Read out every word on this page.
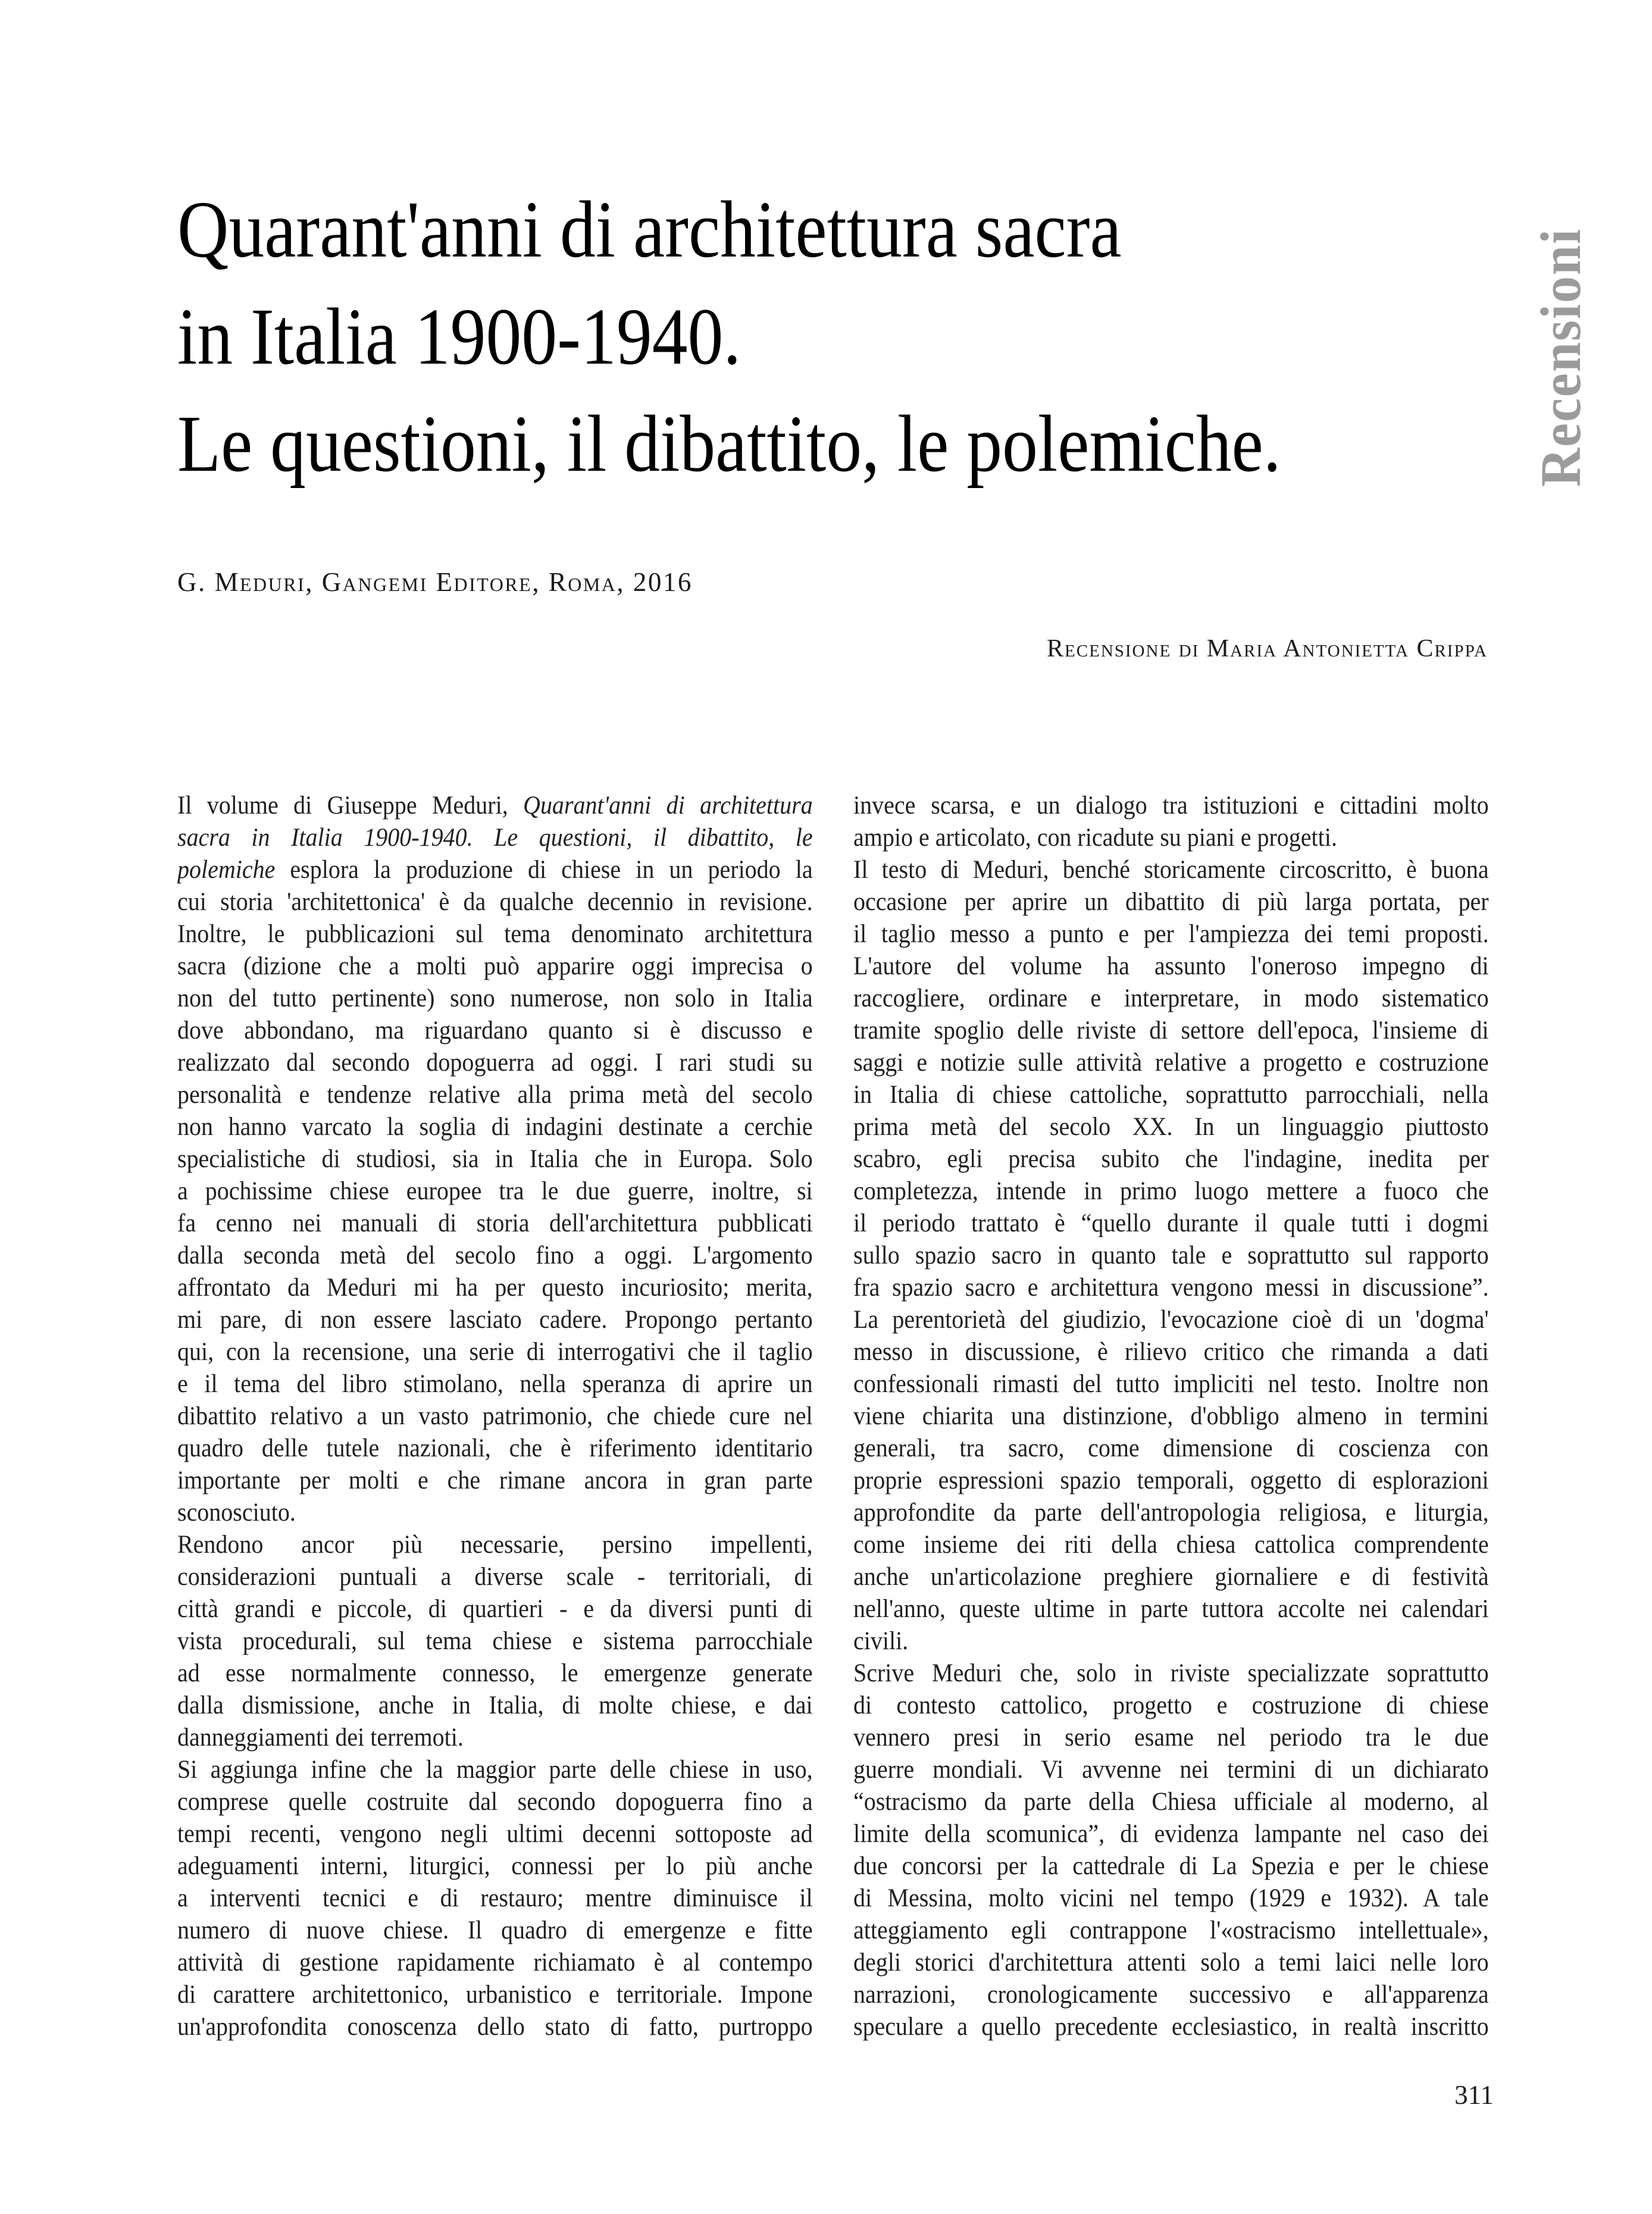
Quarant'anni di architettura sacra
in Italia 1900-1940.
Le questioni, il dibattito, le polemiche.
G. Meduri, Gangemi Editore, Roma, 2016
Recensione di Maria Antonietta Crippa
Recensioni
Il volume di Giuseppe Meduri, Quarant'anni di architettura
sacra in Italia 1900-1940. Le questioni, il dibattito, le
polemiche esplora la produzione di chiese in un periodo la
cui storia 'architettonica' è da qualche decennio in revisione.
Inoltre, le pubblicazioni sul tema denominato architettura
sacra (dizione che a molti può apparire oggi imprecisa o
non del tutto pertinente) sono numerose, non solo in Italia
dove abbondano, ma riguardano quanto si è discusso e
realizzato dal secondo dopoguerra ad oggi. I rari studi su
personalità e tendenze relative alla prima metà del secolo
non hanno varcato la soglia di indagini destinate a cerchie
specialistiche di studiosi, sia in Italia che in Europa. Solo
a pochissime chiese europee tra le due guerre, inoltre, si
fa cenno nei manuali di storia dell'architettura pubblicati
dalla seconda metà del secolo fino a oggi. L'argomento
affrontato da Meduri mi ha per questo incuriosito; merita,
mi pare, di non essere lasciato cadere. Propongo pertanto
qui, con la recensione, una serie di interrogativi che il taglio
e il tema del libro stimolano, nella speranza di aprire un
dibattito relativo a un vasto patrimonio, che chiede cure nel
quadro delle tutele nazionali, che è riferimento identitario
importante per molti e che rimane ancora in gran parte
sconosciuto.
Rendono ancor più necessarie, persino impellenti,
considerazioni puntuali a diverse scale - territoriali, di
città grandi e piccole, di quartieri - e da diversi punti di
vista procedurali, sul tema chiese e sistema parrocchiale
ad esse normalmente connesso, le emergenze generate
dalla dismissione, anche in Italia, di molte chiese, e dai
danneggiamenti dei terremoti.
Si aggiunga infine che la maggior parte delle chiese in uso,
comprese quelle costruite dal secondo dopoguerra fino a
tempi recenti, vengono negli ultimi decenni sottoposte ad
adeguamenti interni, liturgici, connessi per lo più anche
a interventi tecnici e di restauro; mentre diminuisce il
numero di nuove chiese. Il quadro di emergenze e fitte
attività di gestione rapidamente richiamato è al contempo
di carattere architettonico, urbanistico e territoriale. Impone
un'approfondita conoscenza dello stato di fatto, purtroppo
invece scarsa, e un dialogo tra istituzioni e cittadini molto
ampio e articolato, con ricadute su piani e progetti.
Il testo di Meduri, benché storicamente circoscritto, è buona
occasione per aprire un dibattito di più larga portata, per
il taglio messo a punto e per l'ampiezza dei temi proposti.
L'autore del volume ha assunto l'oneroso impegno di
raccogliere, ordinare e interpretare, in modo sistematico
tramite spoglio delle riviste di settore dell'epoca, l'insieme di
saggi e notizie sulle attività relative a progetto e costruzione
in Italia di chiese cattoliche, soprattutto parrocchiali, nella
prima metà del secolo XX. In un linguaggio piuttosto
scabro, egli precisa subito che l'indagine, inedita per
completezza, intende in primo luogo mettere a fuoco che
il periodo trattato è “quello durante il quale tutti i dogmi
sullo spazio sacro in quanto tale e soprattutto sul rapporto
fra spazio sacro e architettura vengono messi in discussione”.
La perentorietà del giudizio, l'evocazione cioè di un 'dogma'
messo in discussione, è rilievo critico che rimanda a dati
confessionali rimasti del tutto impliciti nel testo. Inoltre non
viene chiarita una distinzione, d'obbligo almeno in termini
generali, tra sacro, come dimensione di coscienza con
proprie espressioni spazio temporali, oggetto di esplorazioni
approfondite da parte dell'antropologia religiosa, e liturgia,
come insieme dei riti della chiesa cattolica comprendente
anche un'articolazione preghiere giornaliere e di festività
nell'anno, queste ultime in parte tuttora accolte nei calendari
civili.
Scrive Meduri che, solo in riviste specializzate soprattutto
di contesto cattolico, progetto e costruzione di chiese
vennero presi in serio esame nel periodo tra le due
guerre mondiali. Vi avvenne nei termini di un dichiarato
“ostracismo da parte della Chiesa ufficiale al moderno, al
limite della scomunica”, di evidenza lampante nel caso dei
due concorsi per la cattedrale di La Spezia e per le chiese
di Messina, molto vicini nel tempo (1929 e 1932). A tale
atteggiamento egli contrappone l'«ostracismo intellettuale»,
degli storici d'architettura attenti solo a temi laici nelle loro
narrazioni, cronologicamente successivo e all'apparenza
speculare a quello precedente ecclesiastico, in realtà inscritto
311
